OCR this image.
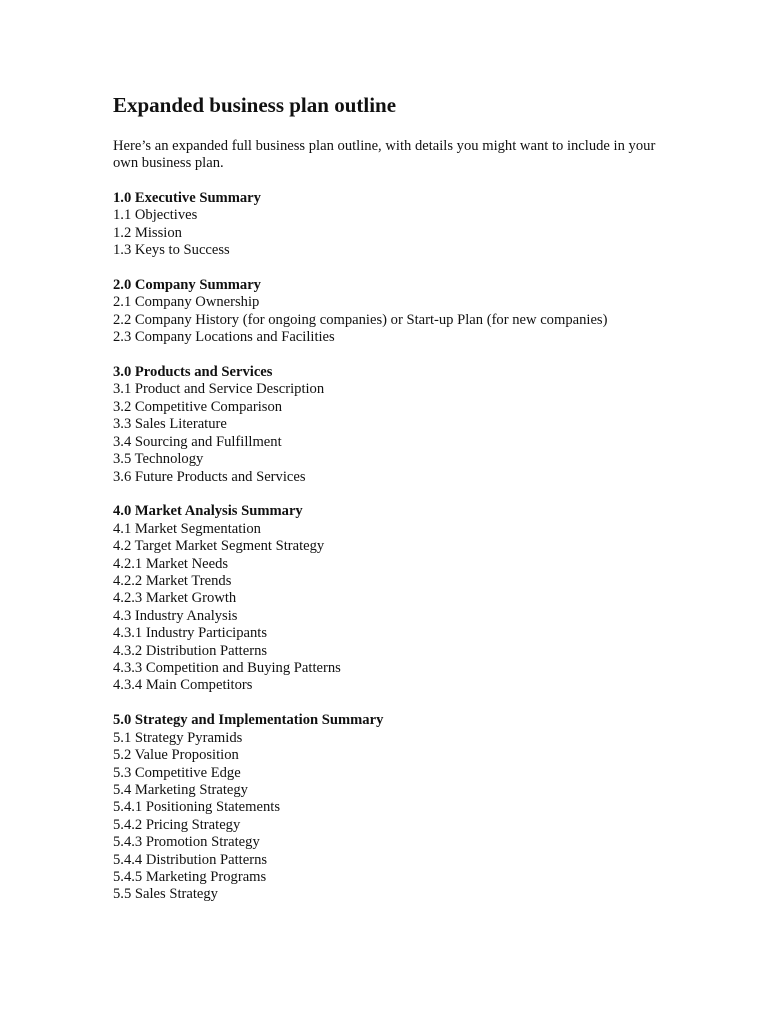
Expanded business plan outline

Here’s an expanded full business plan outline, with details you might want to include in your own business plan.

1.0 Executive Summary
1.1 Objectives
1.2 Mission
1.3 Keys to Success
2.0 Company Summary
2.1 Company Ownership
2.2 Company History (for ongoing companies) or Start-up Plan (for new companies)
2.3 Company Locations and Facilities
3.0 Products and Services
3.1 Product and Service Description
3.2 Competitive Comparison
3.3 Sales Literature
3.4 Sourcing and Fulfillment
3.5 Technology
3.6 Future Products and Services
4.0 Market Analysis Summary
4.1 Market Segmentation
4.2 Target Market Segment Strategy
4.2.1 Market Needs
4.2.2 Market Trends
4.2.3 Market Growth
4.3 Industry Analysis
4.3.1 Industry Participants
4.3.2 Distribution Patterns
4.3.3 Competition and Buying Patterns
4.3.4 Main Competitors
5.0 Strategy and Implementation Summary
5.1 Strategy Pyramids
5.2 Value Proposition
5.3 Competitive Edge
5.4 Marketing Strategy
5.4.1 Positioning Statements
5.4.2 Pricing Strategy
5.4.3 Promotion Strategy
5.4.4 Distribution Patterns
5.4.5 Marketing Programs
5.5 Sales Strategy
